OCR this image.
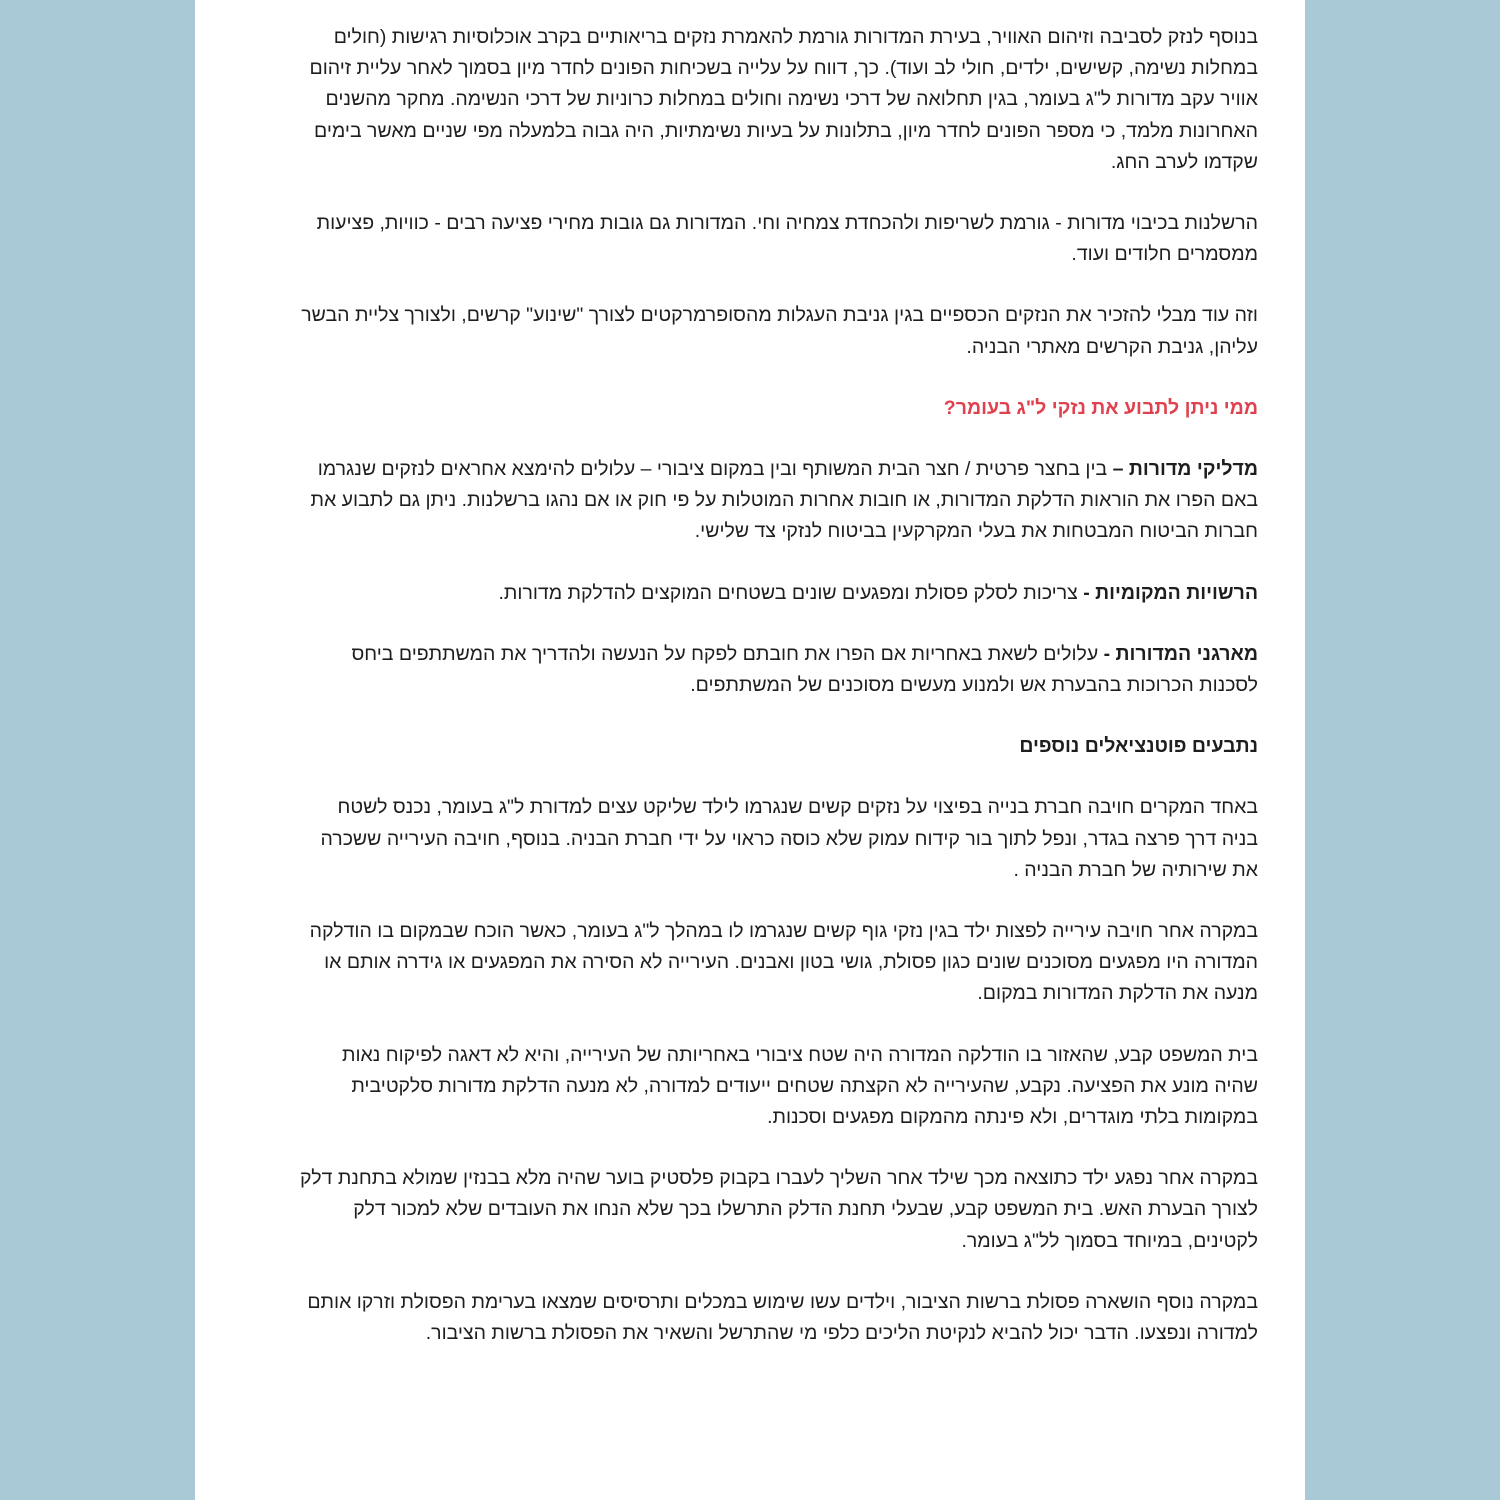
בנוסף לנזק לסביבה וזיהום האוויר, בעירת המדורות גורמת להאמרת נזקים בריאותיים בקרב אוכלוסיות רגישות (חולים במחלות נשימה, קשישים, ילדים, חולי לב ועוד). כך, דווח על עלייה בשכיחות הפונים לחדר מיון בסמוך לאחר עליית זיהום אוויר עקב מדורות ל"ג בעומר, בגין תחלואה של דרכי נשימה וחולים במחלות כרוניות של דרכי הנשימה. מחקר מהשנים האחרונות מלמד, כי מספר הפונים לחדר מיון, בתלונות על בעיות נשימתיות, היה גבוה בלמעלה מפי שניים מאשר בימים שקדמו לערב החג.

הרשלנות בכיבוי מדורות - גורמת לשריפות ולהכחדת צמחיה וחי. המדורות גם גובות מחירי פציעה רבים - כוויות, פציעות ממסמרים חלודים ועוד.

וזה עוד מבלי להזכיר את הנזקים הכספיים בגין גניבת העגלות מהסופרמרקטים לצורך "שינוע" קרשים, ולצורך צליית הבשר עליהן, גניבת הקרשים מאתרי הבניה.

ממי ניתן לתבוע את נזקי ל"ג בעומר?

מדליקי מדורות – בין בחצר פרטית / חצר הבית המשותף ובין במקום ציבורי – עלולים להימצא אחראים לנזקים שנגרמו באם הפרו את הוראות הדלקת המדורות, או חובות אחרות המוטלות על פי חוק או אם נהגו ברשלנות. ניתן גם לתבוע את חברות הביטוח המבטחות את בעלי המקרקעין בביטוח לנזקי צד שלישי.

הרשויות המקומיות - צריכות לסלק פסולת ומפגעים שונים בשטחים המוקצים להדלקת מדורות.

מארגני המדורות - עלולים לשאת באחריות אם הפרו את חובתם לפקח על הנעשה ולהדריך את המשתתפים ביחס לסכנות הכרוכות בהבערת אש ולמנוע מעשים מסוכנים של המשתתפים.

נתבעים פוטנציאלים נוספים

באחד המקרים חויבה חברת בנייה בפיצוי על נזקים קשים שנגרמו לילד שליקט עצים למדורת ל"ג בעומר, נכנס לשטח בניה דרך פרצה בגדר, ונפל לתוך בור קידוח עמוק שלא כוסה כראוי על ידי חברת הבניה. בנוסף, חויבה העירייה ששכרה את שירותיה של חברת הבניה .

במקרה אחר חויבה עירייה לפצות ילד בגין נזקי גוף קשים שנגרמו לו במהלך ל"ג בעומר, כאשר הוכח שבמקום בו הודלקה המדורה היו מפגעים מסוכנים שונים כגון פסולת, גושי בטון ואבנים. העירייה לא הסירה את המפגעים או גידרה אותם או מנעה את הדלקת המדורות במקום.

בית המשפט קבע, שהאזור בו הודלקה המדורה היה שטח ציבורי באחריותה של העירייה, והיא לא דאגה לפיקוח נאות שהיה מונע את הפציעה. נקבע, שהעירייה לא הקצתה שטחים ייעודים למדורה, לא מנעה הדלקת מדורות סלקטיבית במקומות בלתי מוגדרים, ולא פינתה מהמקום מפגעים וסכנות.

במקרה אחר נפגע ילד כתוצאה מכך שילד אחר השליך לעברו בקבוק פלסטיק בוער שהיה מלא בבנזין שמולא בתחנת דלק לצורך הבערת האש. בית המשפט קבע, שבעלי תחנת הדלק התרשלו בכך שלא הנחו את העובדים שלא למכור דלק לקטינים, במיוחד בסמוך לל"ג בעומר.

במקרה נוסף הושארה פסולת ברשות הציבור, וילדים עשו שימוש במכלים ותרסיסים שמצאו בערימת הפסולת וזרקו אותם למדורה ונפצעו. הדבר יכול להביא לנקיטת הליכים כלפי מי שהתרשל והשאיר את הפסולת ברשות הציבור.
